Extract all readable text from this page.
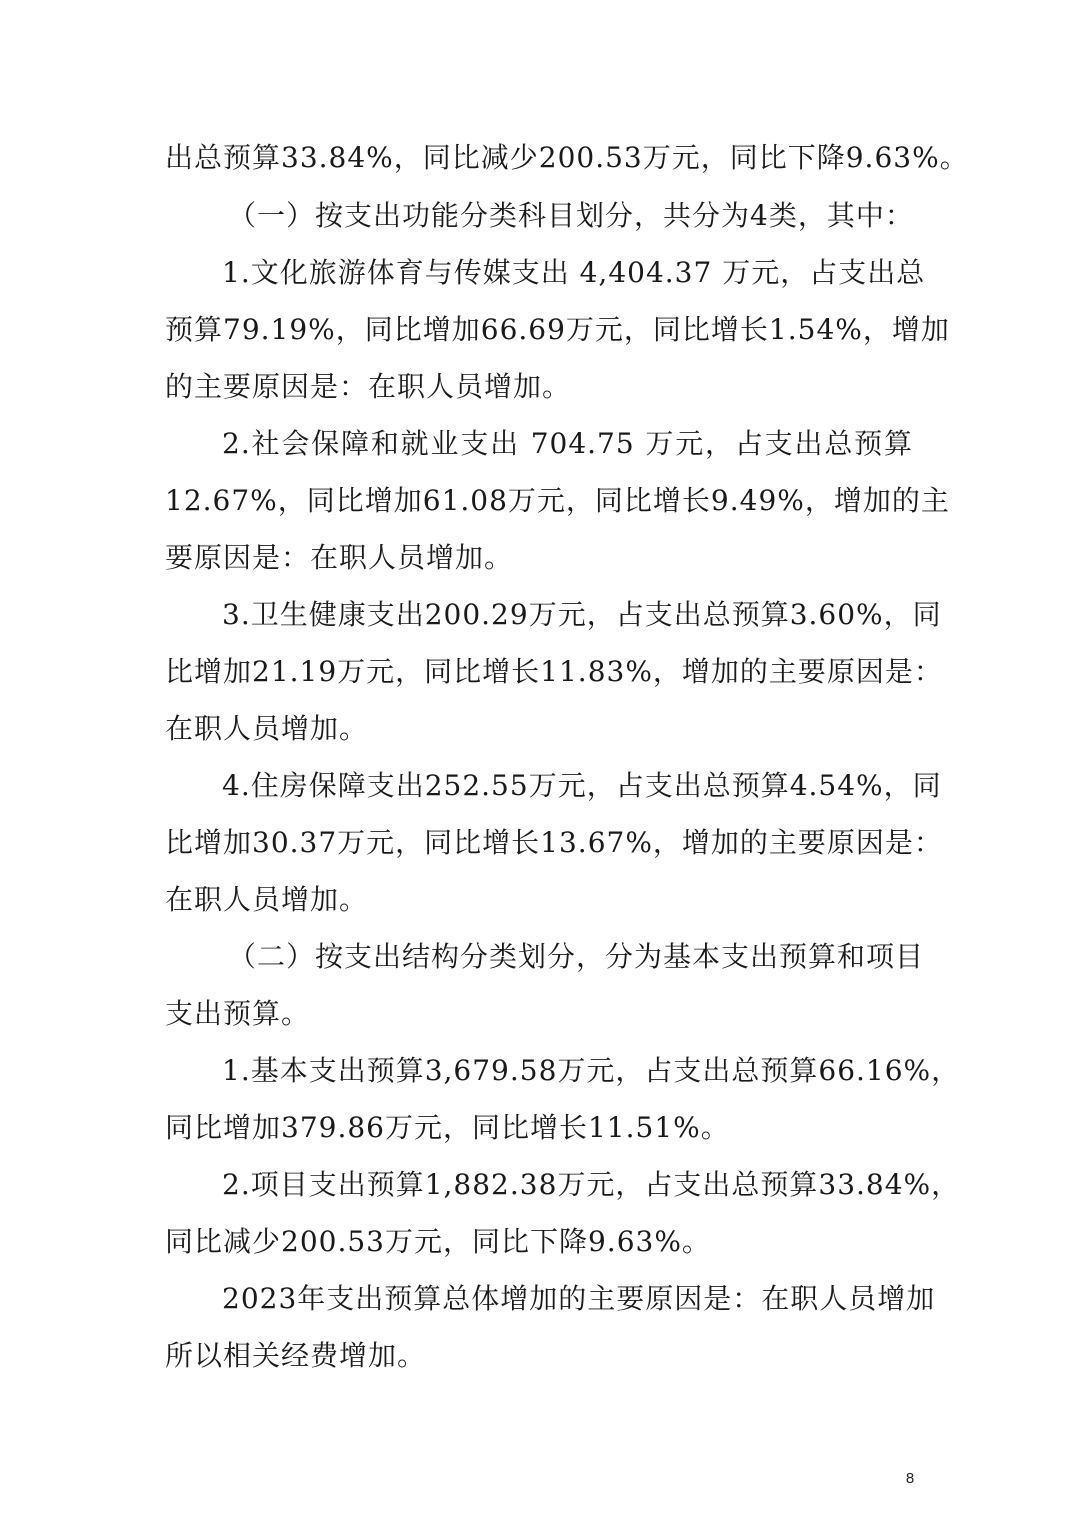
出总预算33.84%，同比减少200.53万元，同比下降9.63%。
（一）按支出功能分类科目划分，共分为4类，其中：
1.文化旅游体育与传媒支出 4,404.37 万元，占支出总
预算79.19%，同比增加66.69万元，同比增长1.54%，增加
的主要原因是：在职人员增加。
2.社会保障和就业支出 704.75 万元，占支出总预算
12.67%，同比增加61.08万元，同比增长9.49%，增加的主
要原因是：在职人员增加。
3.卫生健康支出200.29万元，占支出总预算3.60%，同
比增加21.19万元，同比增长11.83%，增加的主要原因是：
在职人员增加。
4.住房保障支出252.55万元，占支出总预算4.54%，同
比增加30.37万元，同比增长13.67%，增加的主要原因是：
在职人员增加。
（二）按支出结构分类划分，分为基本支出预算和项目
支出预算。
1.基本支出预算3,679.58万元，占支出总预算66.16%，
同比增加379.86万元，同比增长11.51%。
2.项目支出预算1,882.38万元，占支出总预算33.84%，
同比减少200.53万元，同比下降9.63%。
2023年支出预算总体增加的主要原因是：在职人员增加
所以相关经费增加。
8
